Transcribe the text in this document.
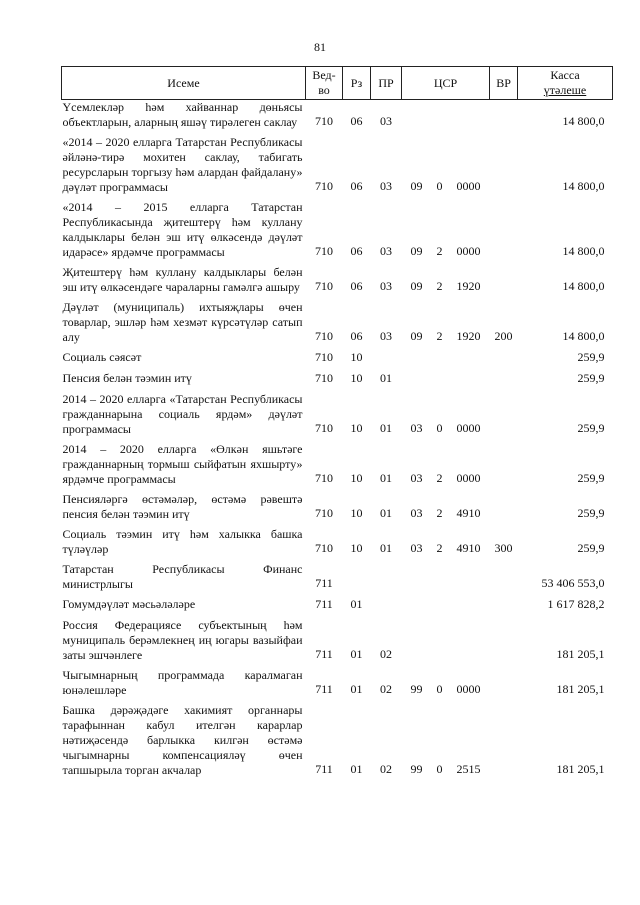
81
Исеме	Вед-во	Рз	ПР	ЦСР			ВР	Касса
үтәлеше

Үсемлекләр һәм хайваннар дөньясы объектларын, аларның яшәү тирәлеген саклау	710	06	03					14 800,0
«2014 – 2020 елларга Татарстан Республикасы әйләнә-тирә мохитен саклау, табигать ресурсларын торгызу һәм алардан файдалану» дәүләт программасы	710	06	03	09	0	0000		14 800,0
«2014 – 2015 елларга Татарстан Республикасында җитештерү һәм куллану калдыклары белән эш итү өлкәсендә дәүләт идарәсе» ярдәмче программасы	710	06	03	09	2	0000		14 800,0
Җитештерү һәм куллану калдыклары белән эш итү өлкәсендәге чараларны гамәлгә ашыру	710	06	03	09	2	1920		14 800,0
Дәүләт (муниципаль) ихтыяҗлары өчен товарлар, эшләр һәм хезмәт күрсәтүләр сатып алу	710	06	03	09	2	1920	200	14 800,0
Социаль сәясәт	710	10						259,9
Пенсия белән тәэмин итү	710	10	01					259,9
2014 – 2020 елларга «Татарстан Республикасы гражданнарына социаль ярдәм» дәүләт программасы	710	10	01	03	0	0000		259,9
2014 – 2020 елларга «Өлкән яшьтәге гражданнарның тормыш сыйфатын яхшырту» ярдәмче программасы	710	10	01	03	2	0000		259,9
Пенсияләргә өстәмәләр, өстәмә рәвештә пенсия белән тәэмин итү	710	10	01	03	2	4910		259,9
Социаль тәэмин итү һәм халыкка башка түләүләр	710	10	01	03	2	4910	300	259,9
Татарстан Республикасы Финанс министрлыгы	711							53 406 553,0
Гомумдәүләт мәсьәләләре	711	01						1 617 828,2
Россия Федерациясе субъектының һәм муниципаль берәмлекнең иң югары вазыйфаи заты эшчәнлеге	711	01	02					181 205,1
Чыгымнарның программада каралмаган юнәлешләре	711	01	02	99	0	0000		181 205,1
Башка дәрәҗәдәге хакимият органнары тарафыннан кабул ителгән карарлар нәтиҗәсендә барлыкка килгән өстәмә чыгымнарны компенсацияләү өчен тапшырыла торган акчалар	711	01	02	99	0	2515		181 205,1
